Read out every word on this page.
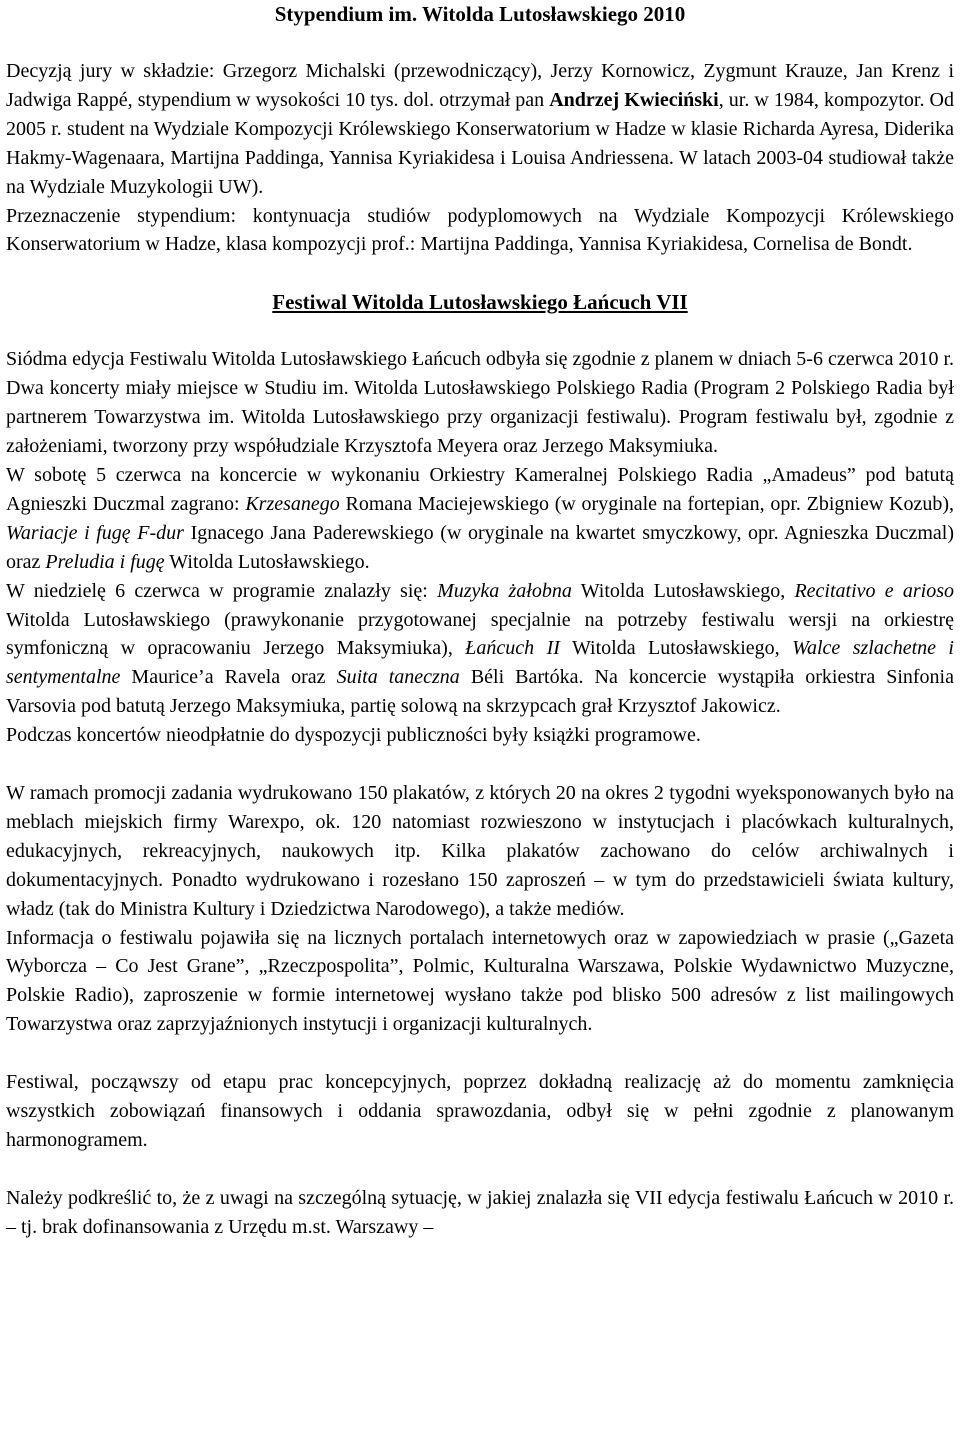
Stypendium im. Witolda Lutosławskiego 2010

Decyzją jury w składzie: Grzegorz Michalski (przewodniczący), Jerzy Kornowicz, Zygmunt Krauze, Jan Krenz i Jadwiga Rappé, stypendium w wysokości 10 tys. dol. otrzymał pan Andrzej Kwieciński, ur. w 1984, kompozytor. Od 2005 r. student na Wydziale Kompozycji Królewskiego Konserwatorium w Hadze w klasie Richarda Ayresa, Diderika Hakmy-Wagenaara, Martijna Paddinga, Yannisa Kyriakidesa i Louisa Andriessena. W latach 2003-04 studiował także na Wydziale Muzykologii UW).

Przeznaczenie stypendium: kontynuacja studiów podyplomowych na Wydziale Kompozycji Królewskiego Konserwatorium w Hadze, klasa kompozycji prof.: Martijna Paddinga, Yannisa Kyriakidesa, Cornelisa de Bondt.

Festiwal Witolda Lutosławskiego Łańcuch VII

Siódma edycja Festiwalu Witolda Lutosławskiego Łańcuch odbyła się zgodnie z planem w dniach 5-6 czerwca 2010 r. Dwa koncerty miały miejsce w Studiu im. Witolda Lutosławskiego Polskiego Radia (Program 2 Polskiego Radia był partnerem Towarzystwa im. Witolda Lutosławskiego przy organizacji festiwalu). Program festiwalu był, zgodnie z założeniami, tworzony przy współudziale Krzysztofa Meyera oraz Jerzego Maksymiuka.

W sobotę 5 czerwca na koncercie w wykonaniu Orkiestry Kameralnej Polskiego Radia „Amadeus” pod batutą Agnieszki Duczmal zagrano: Krzesanego Romana Maciejewskiego (w oryginale na fortepian, opr. Zbigniew Kozub), Wariacje i fugę F-dur Ignacego Jana Paderewskiego (w oryginale na kwartet smyczkowy, opr. Agnieszka Duczmal) oraz Preludia i fugę Witolda Lutosławskiego.

W niedzielę 6 czerwca w programie znalazły się: Muzyka żałobna Witolda Lutosławskiego, Recitativo e arioso Witolda Lutosławskiego (prawykonanie przygotowanej specjalnie na potrzeby festiwalu wersji na orkiestrę symfoniczną w opracowaniu Jerzego Maksymiuka), Łańcuch II Witolda Lutosławskiego, Walce szlachetne i sentymentalne Maurice’a Ravela oraz Suita taneczna Béli Bartóka. Na koncercie wystąpiła orkiestra Sinfonia Varsovia pod batutą Jerzego Maksymiuka, partię solową na skrzypcach grał Krzysztof Jakowicz.

Podczas koncertów nieodpłatnie do dyspozycji publiczności były książki programowe.

W ramach promocji zadania wydrukowano 150 plakatów, z których 20 na okres 2 tygodni wyeksponowanych było na meblach miejskich firmy Warexpo, ok. 120 natomiast rozwieszono w instytucjach i placówkach kulturalnych, edukacyjnych, rekreacyjnych, naukowych itp. Kilka plakatów zachowano do celów archiwalnych i dokumentacyjnych. Ponadto wydrukowano i rozesłano 150 zaproszeń – w tym do przedstawicieli świata kultury, władz (tak do Ministra Kultury i Dziedzictwa Narodowego), a także mediów.

Informacja o festiwalu pojawiła się na licznych portalach internetowych oraz w zapowiedziach w prasie („Gazeta Wyborcza – Co Jest Grane”, „Rzeczpospolita”, Polmic, Kulturalna Warszawa, Polskie Wydawnictwo Muzyczne, Polskie Radio), zaproszenie w formie internetowej wysłano także pod blisko 500 adresów z list mailingowych Towarzystwa oraz zaprzyjaźnionych instytucji i organizacji kulturalnych.

Festiwal, począwszy od etapu prac koncepcyjnych, poprzez dokładną realizację aż do momentu zamknięcia wszystkich zobowiązań finansowych i oddania sprawozdania, odbył się w pełni zgodnie z planowanym harmonogramem.

Należy podkreślić to, że z uwagi na szczególną sytuację, w jakiej znalazła się VII edycja festiwalu Łańcuch w 2010 r. – tj. brak dofinansowania z Urzędu m.st. Warszawy –
